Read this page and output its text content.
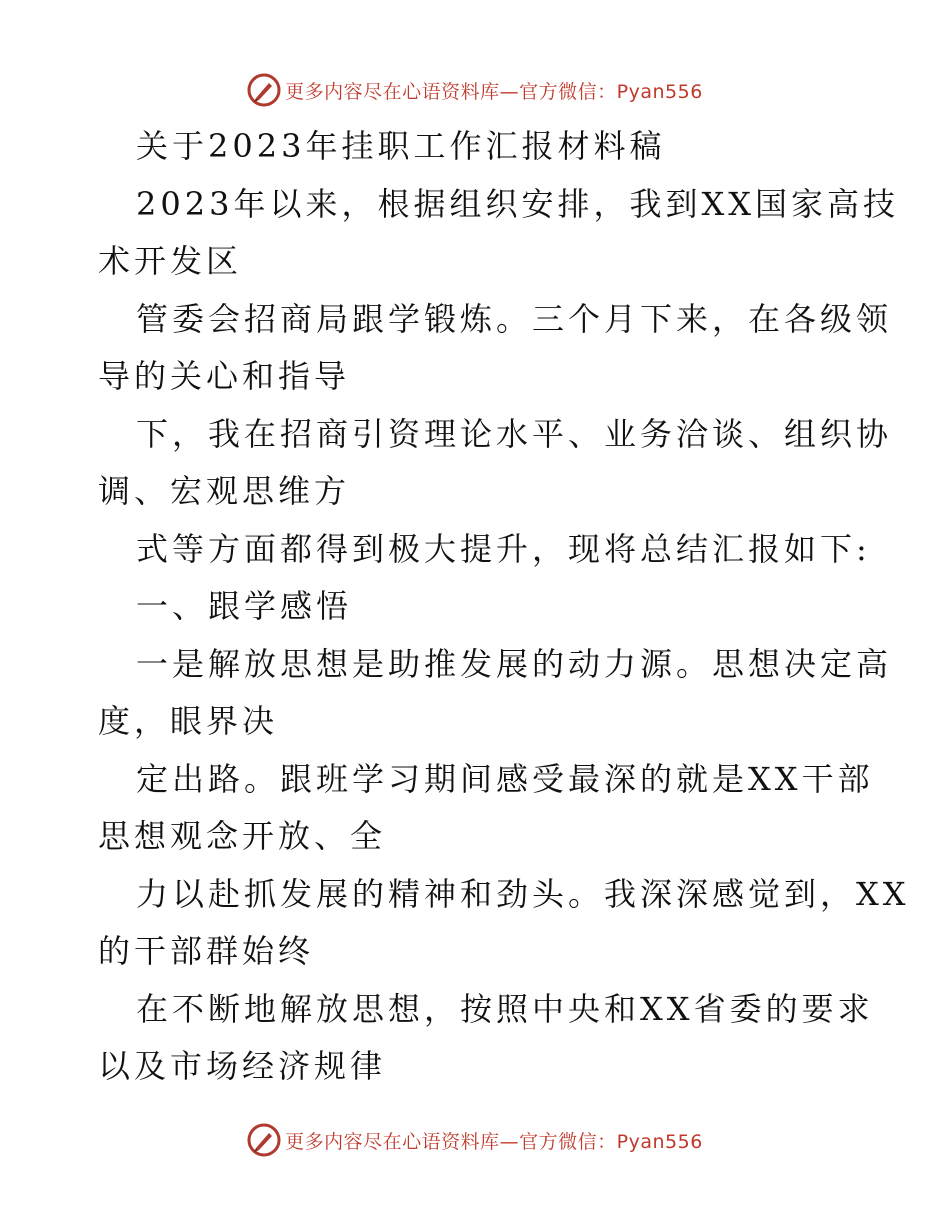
更多内容尽在心语资料库—官方微信：Pyan556
关于2023年挂职工作汇报材料稿
2023年以来，根据组织安排，我到XX国家高技
术开发区
管委会招商局跟学锻炼。三个月下来，在各级领
导的关心和指导
下，我在招商引资理论水平、业务洽谈、组织协
调、宏观思维方
式等方面都得到极大提升，现将总结汇报如下:
一、跟学感悟
一是解放思想是助推发展的动力源。思想决定高
度，眼界决
定出路。跟班学习期间感受最深的就是XX干部
思想观念开放、全
力以赴抓发展的精神和劲头。我深深感觉到，XX
的干部群始终
在不断地解放思想，按照中央和XX省委的要求
以及市场经济规律
更多内容尽在心语资料库—官方微信：Pyan556
